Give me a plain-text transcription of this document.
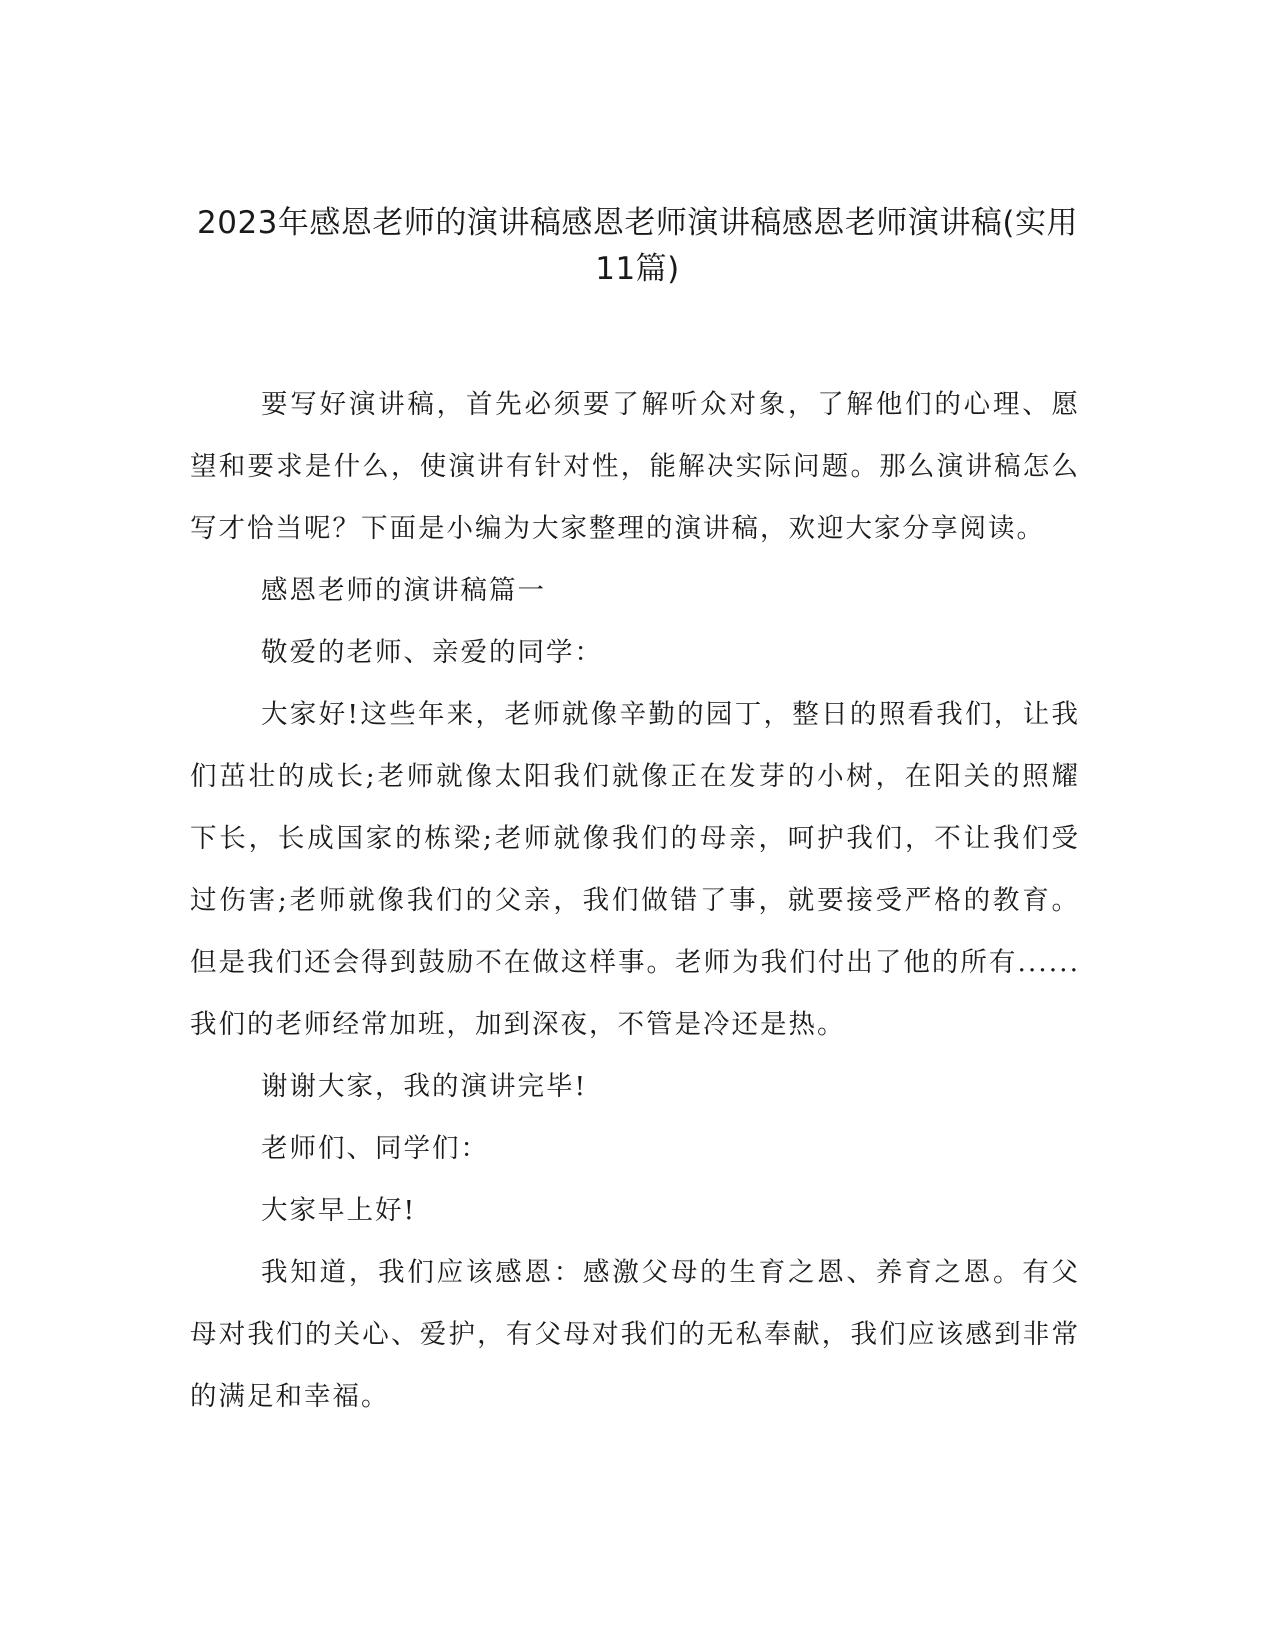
2023年感恩老师的演讲稿感恩老师演讲稿感恩老师演讲稿(实用11篇)

要写好演讲稿，首先必须要了解听众对象，了解他们的心理、愿望和要求是什么，使演讲有针对性，能解决实际问题。那么演讲稿怎么写才恰当呢？下面是小编为大家整理的演讲稿，欢迎大家分享阅读。

感恩老师的演讲稿篇一

敬爱的老师、亲爱的同学：

大家好!这些年来，老师就像辛勤的园丁，整日的照看我们，让我们茁壮的成长;老师就像太阳我们就像正在发芽的小树，在阳关的照耀下长，长成国家的栋梁;老师就像我们的母亲，呵护我们，不让我们受过伤害;老师就像我们的父亲，我们做错了事，就要接受严格的教育。但是我们还会得到鼓励不在做这样事。老师为我们付出了他的所有......我们的老师经常加班，加到深夜，不管是冷还是热。

谢谢大家，我的演讲完毕!

老师们、同学们：

大家早上好!

我知道，我们应该感恩：感激父母的生育之恩、养育之恩。有父母对我们的关心、爱护，有父母对我们的无私奉献，我们应该感到非常的满足和幸福。
